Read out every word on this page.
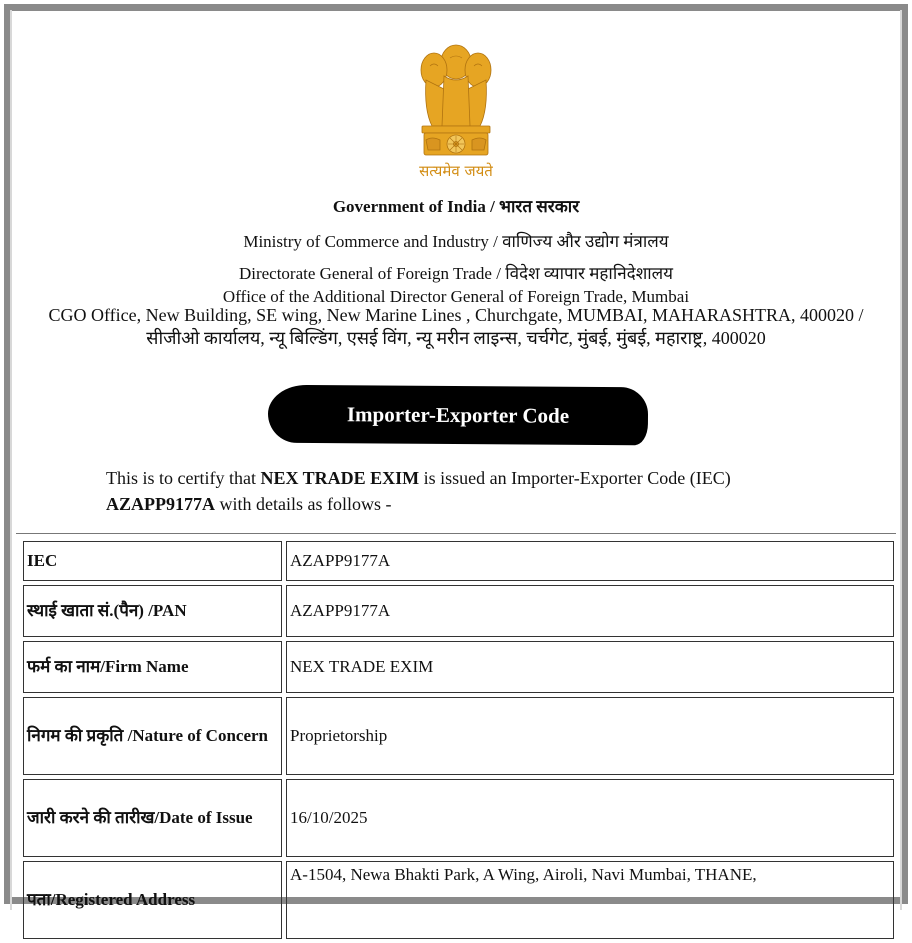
सत्यमेव जयते
Government of India / भारत सरकार
Ministry of Commerce and Industry / वाणिज्य और उद्योग मंत्रालय
Directorate General of Foreign Trade / विदेश व्यापार महानिदेशालय
Office of the Additional Director General of Foreign Trade, Mumbai
CGO Office, New Building, SE wing, New Marine Lines , Churchgate, MUMBAI, MAHARASHTRA, 400020 / सीजीओ कार्यालय, न्यू बिल्डिंग, एसई विंग, न्यू मरीन लाइन्स, चर्चगेट, मुंबई, मुंबई, महाराष्ट्र, 400020
Importer-Exporter Code
This is to certify that NEX TRADE EXIM is issued an Importer-Exporter Code (IEC)
AZAPP9177A with details as follows -
IEC	AZAPP9177A
स्थाई खाता सं.(पैन) /PAN	AZAPP9177A
फर्म का नाम/Firm Name	NEX TRADE EXIM
निगम की प्रकृति /Nature of Concern	Proprietorship
जारी करने की तारीख/Date of Issue	16/10/2025
पता/Registered Address	A-1504, Newa Bhakti Park, A Wing, Airoli, Navi Mumbai, THANE,
